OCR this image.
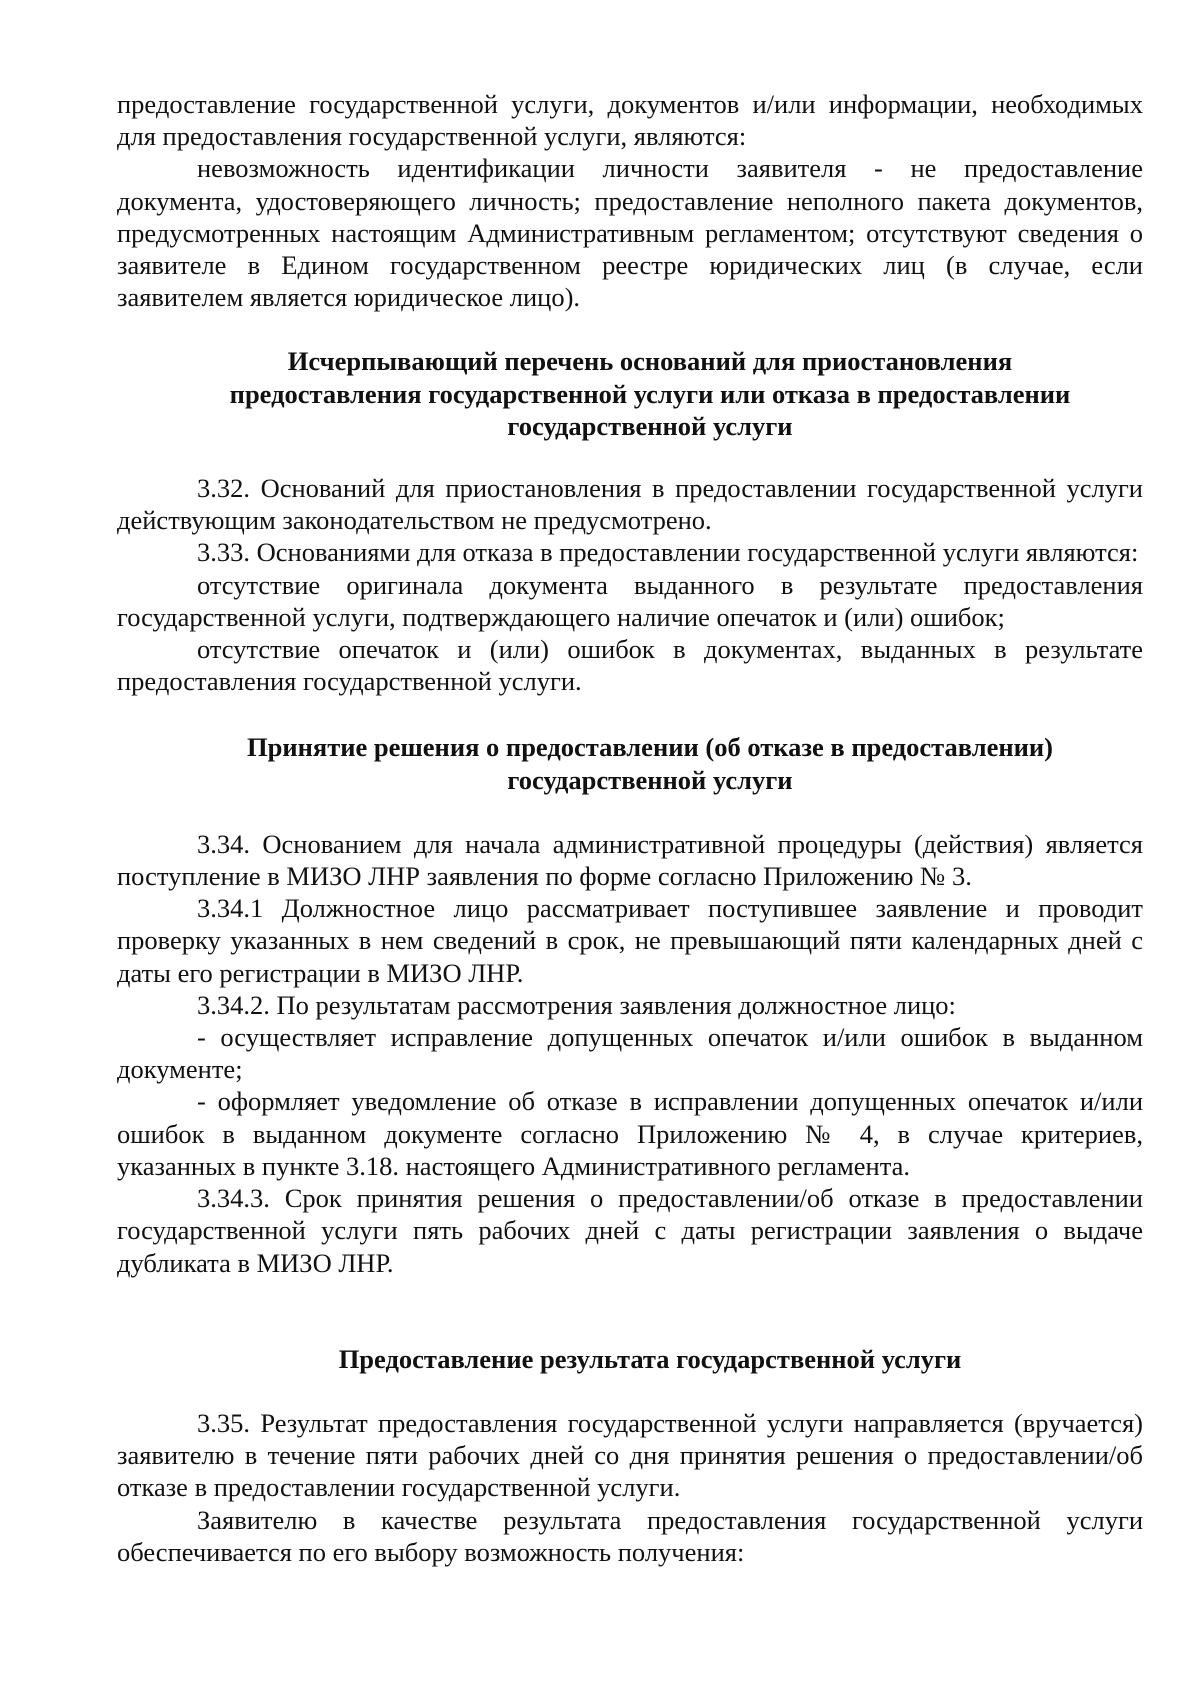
предоставление государственной услуги, документов и/или информации, необходимых для предоставления государственной услуги, являются:

невозможность идентификации личности заявителя - не предоставление документа, удостоверяющего личность; предоставление неполного пакета документов, предусмотренных настоящим Административным регламентом; отсутствуют сведения о заявителе в Едином государственном реестре юридических лиц (в случае, если заявителем является юридическое лицо).

Исчерпывающий перечень оснований для приостановления
предоставления государственной услуги или отказа в предоставлении
государственной услуги

3.32. Оснований для приостановления в предоставлении государственной услуги действующим законодательством не предусмотрено.

3.33. Основаниями для отказа в предоставлении государственной услуги являются:

отсутствие оригинала документа выданного в результате предоставления государственной услуги, подтверждающего наличие опечаток и (или) ошибок;

отсутствие опечаток и (или) ошибок в документах, выданных в результате предоставления государственной услуги.

Принятие решения о предоставлении (об отказе в предоставлении)
государственной услуги

3.34. Основанием для начала административной процедуры (действия) является поступление в МИЗО ЛНР заявления по форме согласно Приложению № 3.

3.34.1 Должностное лицо рассматривает поступившее заявление и проводит проверку указанных в нем сведений в срок, не превышающий пяти календарных дней с даты его регистрации в МИЗО ЛНР.

3.34.2. По результатам рассмотрения заявления должностное лицо:

- осуществляет исправление допущенных опечаток и/или ошибок в выданном документе;

- оформляет уведомление об отказе в исправлении допущенных опечаток и/или ошибок в выданном документе согласно Приложению № 4, в случае критериев, указанных в пункте 3.18. настоящего Административного регламента.

3.34.3. Срок принятия решения о предоставлении/об отказе в предоставлении государственной услуги пять рабочих дней с даты регистрации заявления о выдаче дубликата в МИЗО ЛНР.

Предоставление результата государственной услуги

3.35. Результат предоставления государственной услуги направляется (вручается) заявителю в течение пяти рабочих дней со дня принятия решения о предоставлении/об отказе в предоставлении государственной услуги.

Заявителю в качестве результата предоставления государственной услуги обеспечивается по его выбору возможность получения:
